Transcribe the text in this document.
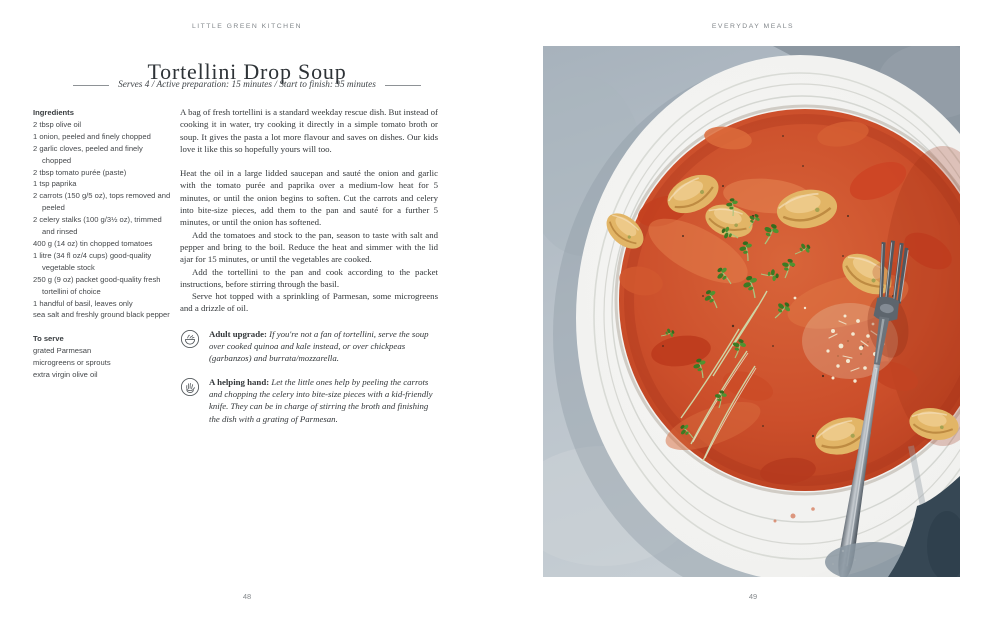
LITTLE GREEN KITCHEN	EVERYDAY MEALS
Tortellini Drop Soup
Serves 4 / Active preparation: 15 minutes / Start to finish: 35 minutes
Ingredients
2 tbsp olive oil
1 onion, peeled and finely chopped
2 garlic cloves, peeled and finely chopped
2 tbsp tomato purée (paste)
1 tsp paprika
2 carrots (150 g/5 oz), tops removed and peeled
2 celery stalks (100 g/3½ oz), trimmed and rinsed
400 g (14 oz) tin chopped tomatoes
1 litre (34 fl oz/4 cups) good-quality vegetable stock
250 g (9 oz) packet good-quality fresh tortellini of choice
1 handful of basil, leaves only
sea salt and freshly ground black pepper
To serve
grated Parmesan
microgreens or sprouts
extra virgin olive oil

A bag of fresh tortellini is a standard weekday rescue dish. But instead of cooking it in water, try cooking it directly in a simple tomato broth or soup. It gives the pasta a lot more flavour and saves on dishes. Our kids love it like this so hopefully yours will too.

Heat the oil in a large lidded saucepan and sauté the onion and garlic with the tomato purée and paprika over a medium-low heat for 5 minutes, or until the onion begins to soften. Cut the carrots and celery into bite-size pieces, add them to the pan and sauté for a further 5 minutes, or until the onion has softened.

Add the tomatoes and stock to the pan, season to taste with salt and pepper and bring to the boil. Reduce the heat and simmer with the lid ajar for 15 minutes, or until the vegetables are cooked.

Add the tortellini to the pan and cook according to the packet instructions, before stirring through the basil.

Serve hot topped with a sprinkling of Parmesan, some microgreens and a drizzle of oil.

Adult upgrade: If you're not a fan of tortellini, serve the soup over cooked quinoa and kale instead, or over chickpeas (garbanzos) and burrata/mozzarella.
A helping hand: Let the little ones help by peeling the carrots and chopping the celery into bite-size pieces with a kid-friendly knife. They can be in charge of stirring the broth and finishing the dish with a grating of Parmesan.
48	49
